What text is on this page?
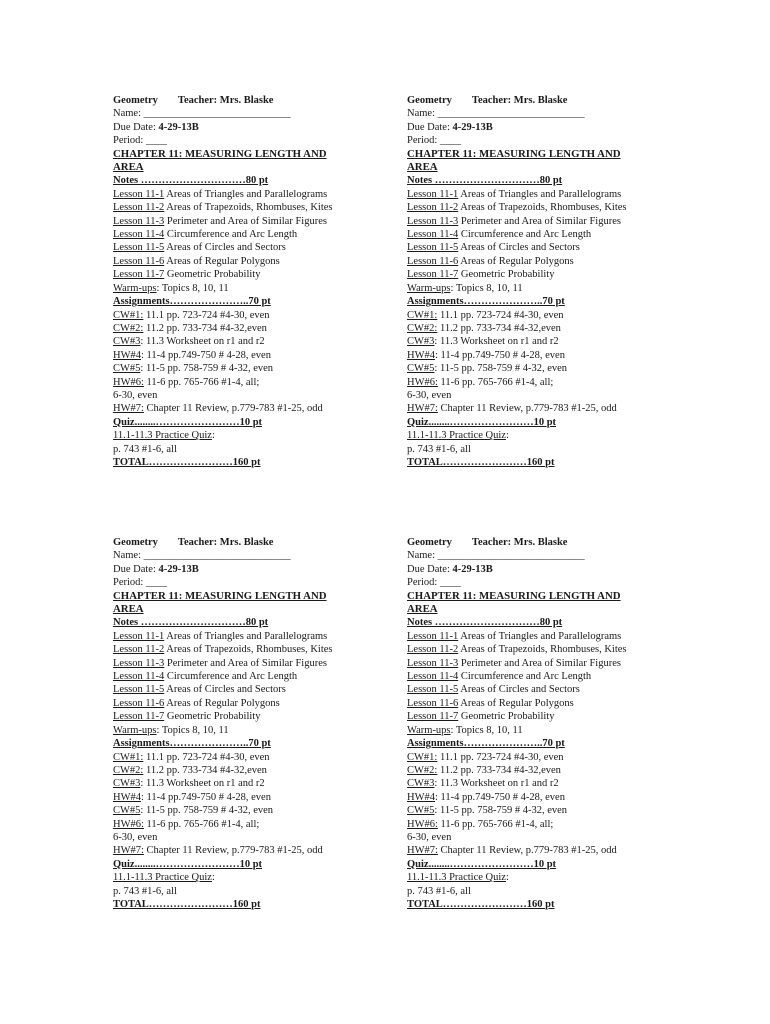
Geometry Teacher: Mrs. Blaske
Name: ____________________________
Due Date: 4-29-13B
Period: ____
CHAPTER 11: MEASURING LENGTH AND
AREA
Notes …………………………80 pt
Lesson 11-1 Areas of Triangles and Parallelograms
Lesson 11-2 Areas of Trapezoids, Rhombuses, Kites
Lesson 11-3 Perimeter and Area of Similar Figures
Lesson 11-4 Circumference and Arc Length
Lesson 11-5 Areas of Circles and Sectors
Lesson 11-6 Areas of Regular Polygons
Lesson 11-7 Geometric Probability
Warm-ups: Topics 8, 10, 11
Assignments…………………..70 pt
CW#1: 11.1 pp. 723-724 #4-30, even
CW#2: 11.2 pp. 733-734 #4-32,even
CW#3: 11.3 Worksheet on r1 and r2
HW#4: 11-4 pp.749-750 # 4-28, even
CW#5: 11-5 pp. 758-759 # 4-32, even
HW#6: 11-6 pp. 765-766 #1-4, all;
6-30, even
HW#7: Chapter 11 Review, p.779-783 #1-25, odd
Quiz........……………………10 pt
11.1-11.3 Practice Quiz:
p. 743 #1-6, all
TOTAL……………………160 pt
Geometry Teacher: Mrs. Blaske
Name: ____________________________
Due Date: 4-29-13B
Period: ____
CHAPTER 11: MEASURING LENGTH AND
AREA
Notes …………………………80 pt
Lesson 11-1 Areas of Triangles and Parallelograms
Lesson 11-2 Areas of Trapezoids, Rhombuses, Kites
Lesson 11-3 Perimeter and Area of Similar Figures
Lesson 11-4 Circumference and Arc Length
Lesson 11-5 Areas of Circles and Sectors
Lesson 11-6 Areas of Regular Polygons
Lesson 11-7 Geometric Probability
Warm-ups: Topics 8, 10, 11
Assignments…………………..70 pt
CW#1: 11.1 pp. 723-724 #4-30, even
CW#2: 11.2 pp. 733-734 #4-32,even
CW#3: 11.3 Worksheet on r1 and r2
HW#4: 11-4 pp.749-750 # 4-28, even
CW#5: 11-5 pp. 758-759 # 4-32, even
HW#6: 11-6 pp. 765-766 #1-4, all;
6-30, even
HW#7: Chapter 11 Review, p.779-783 #1-25, odd
Quiz........……………………10 pt
11.1-11.3 Practice Quiz:
p. 743 #1-6, all
TOTAL……………………160 pt
Geometry Teacher: Mrs. Blaske
Name: ____________________________
Due Date: 4-29-13B
Period: ____
CHAPTER 11: MEASURING LENGTH AND
AREA
Notes …………………………80 pt
Lesson 11-1 Areas of Triangles and Parallelograms
Lesson 11-2 Areas of Trapezoids, Rhombuses, Kites
Lesson 11-3 Perimeter and Area of Similar Figures
Lesson 11-4 Circumference and Arc Length
Lesson 11-5 Areas of Circles and Sectors
Lesson 11-6 Areas of Regular Polygons
Lesson 11-7 Geometric Probability
Warm-ups: Topics 8, 10, 11
Assignments…………………..70 pt
CW#1: 11.1 pp. 723-724 #4-30, even
CW#2: 11.2 pp. 733-734 #4-32,even
CW#3: 11.3 Worksheet on r1 and r2
HW#4: 11-4 pp.749-750 # 4-28, even
CW#5: 11-5 pp. 758-759 # 4-32, even
HW#6: 11-6 pp. 765-766 #1-4, all;
6-30, even
HW#7: Chapter 11 Review, p.779-783 #1-25, odd
Quiz........……………………10 pt
11.1-11.3 Practice Quiz:
p. 743 #1-6, all
TOTAL……………………160 pt
Geometry Teacher: Mrs. Blaske
Name: ____________________________
Due Date: 4-29-13B
Period: ____
CHAPTER 11: MEASURING LENGTH AND
AREA
Notes …………………………80 pt
Lesson 11-1 Areas of Triangles and Parallelograms
Lesson 11-2 Areas of Trapezoids, Rhombuses, Kites
Lesson 11-3 Perimeter and Area of Similar Figures
Lesson 11-4 Circumference and Arc Length
Lesson 11-5 Areas of Circles and Sectors
Lesson 11-6 Areas of Regular Polygons
Lesson 11-7 Geometric Probability
Warm-ups: Topics 8, 10, 11
Assignments…………………..70 pt
CW#1: 11.1 pp. 723-724 #4-30, even
CW#2: 11.2 pp. 733-734 #4-32,even
CW#3: 11.3 Worksheet on r1 and r2
HW#4: 11-4 pp.749-750 # 4-28, even
CW#5: 11-5 pp. 758-759 # 4-32, even
HW#6: 11-6 pp. 765-766 #1-4, all;
6-30, even
HW#7: Chapter 11 Review, p.779-783 #1-25, odd
Quiz........……………………10 pt
11.1-11.3 Practice Quiz:
p. 743 #1-6, all
TOTAL……………………160 pt
